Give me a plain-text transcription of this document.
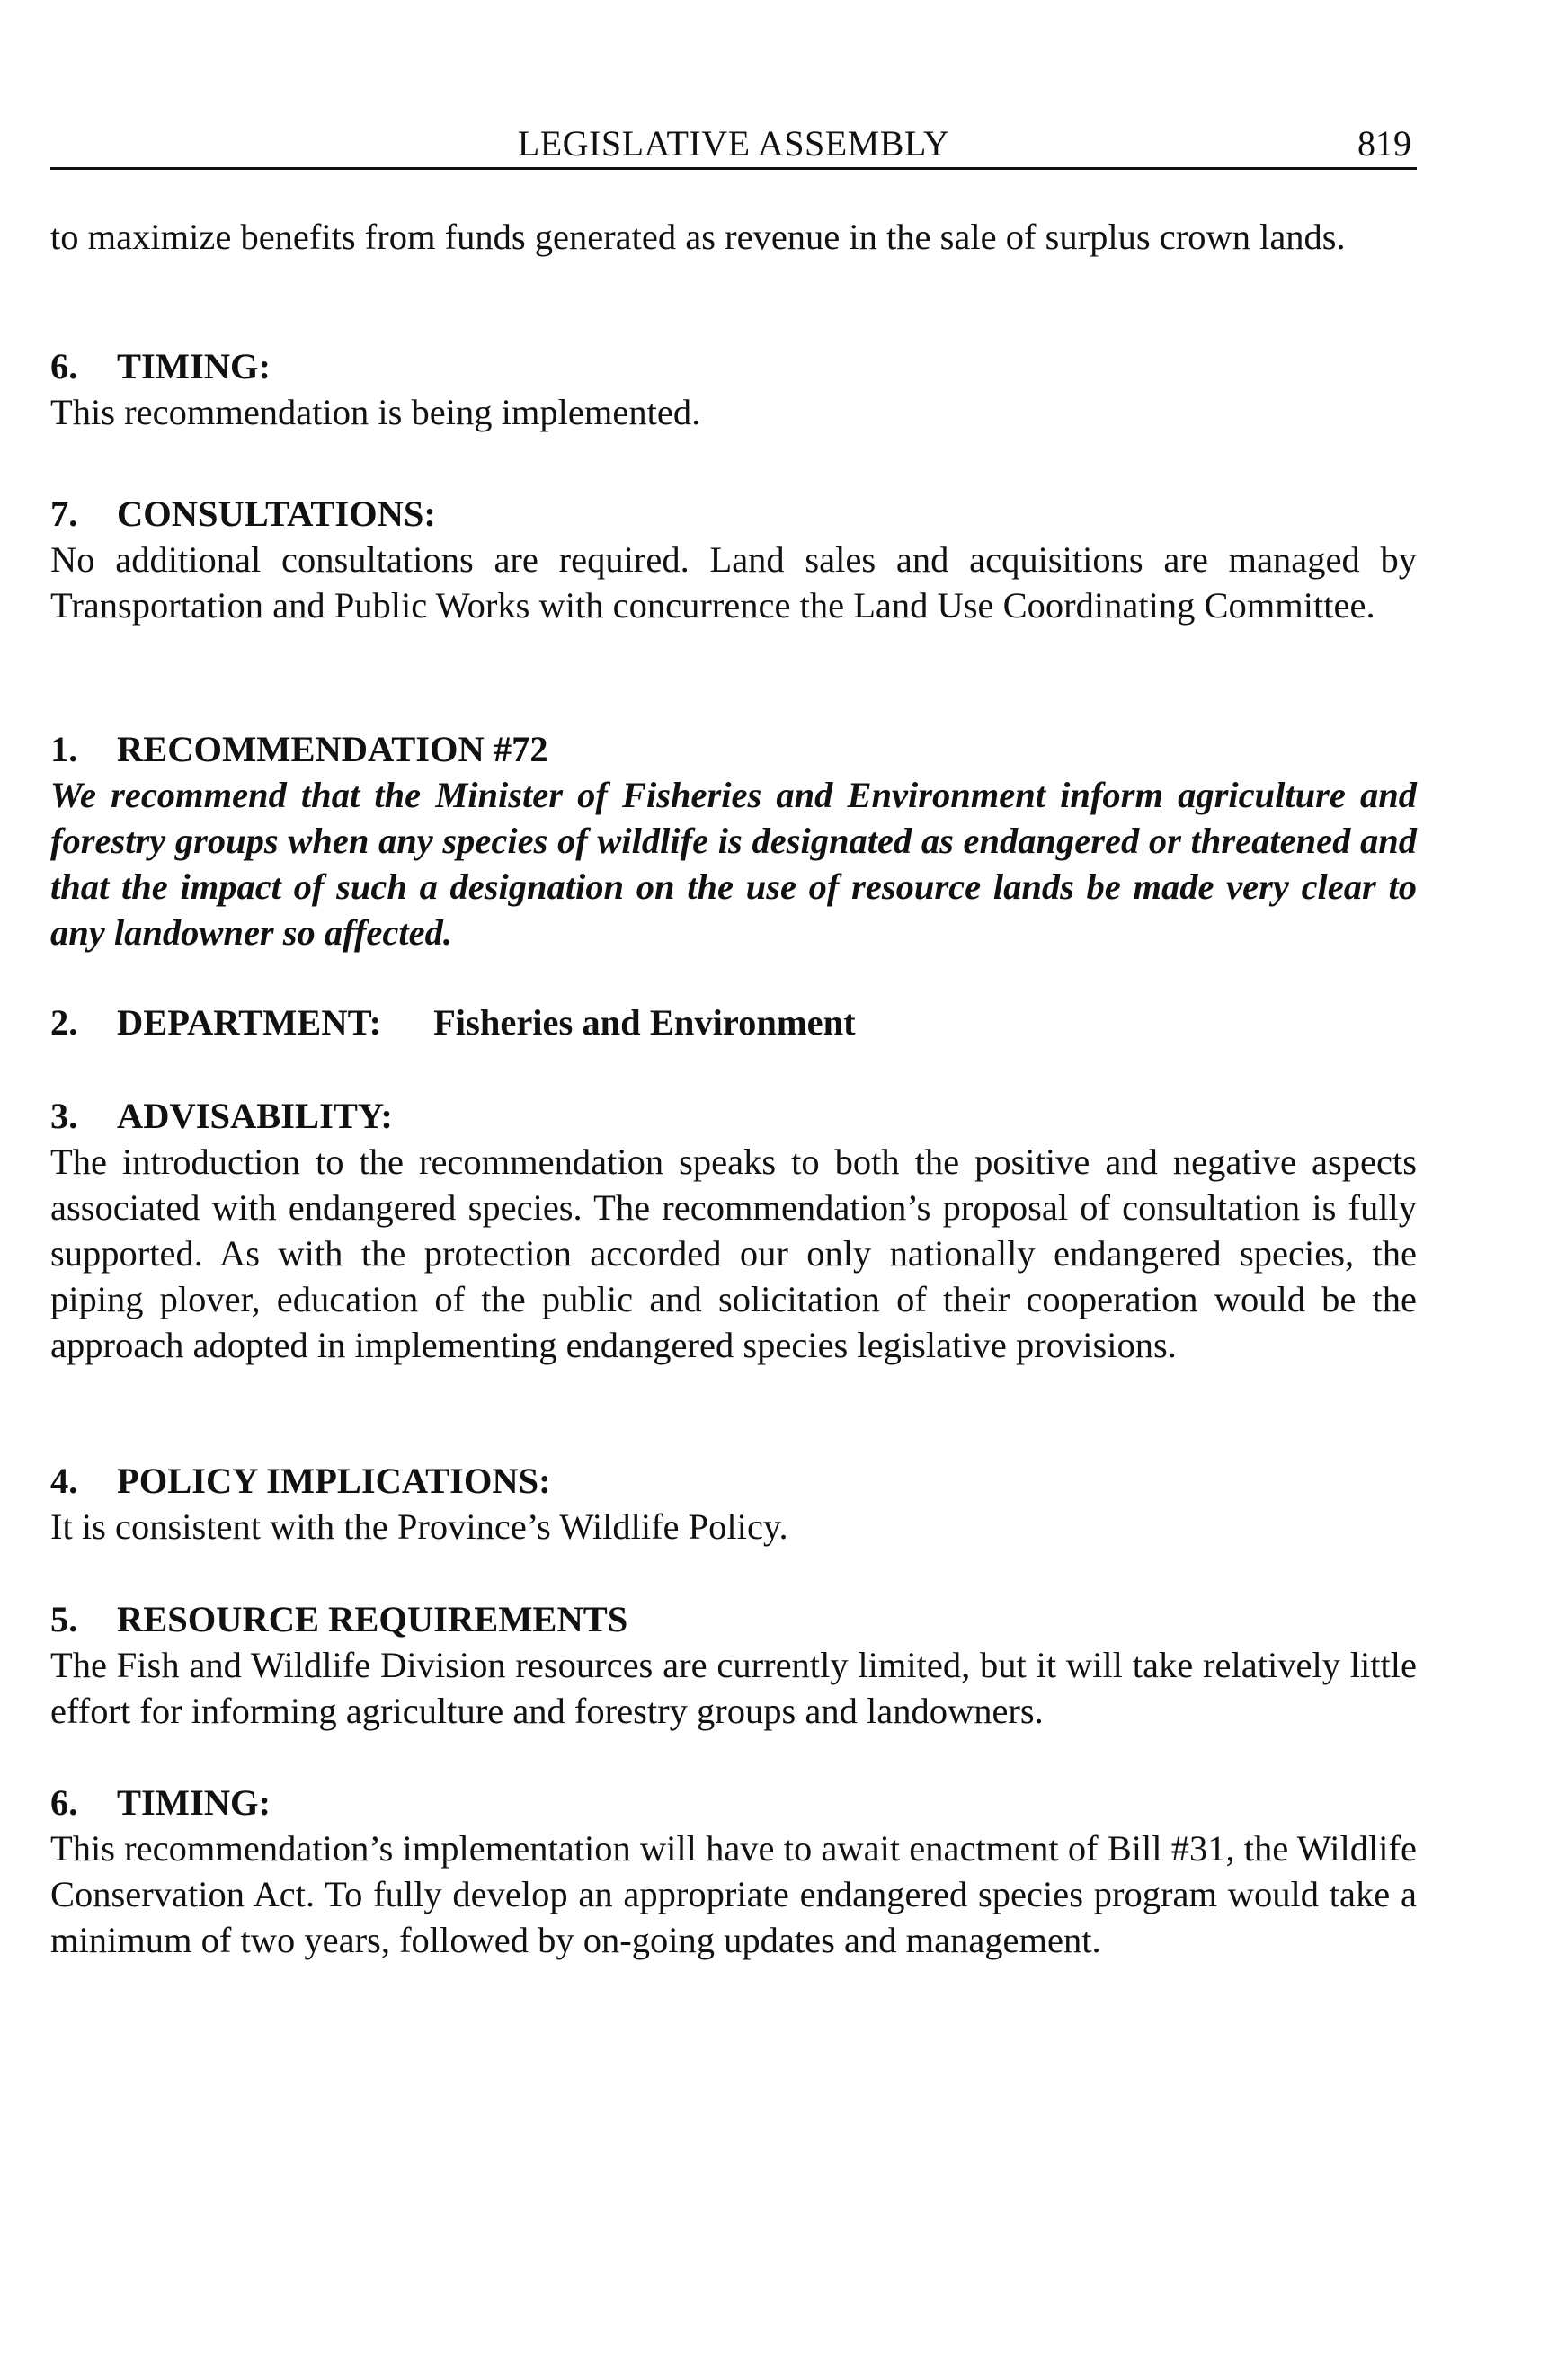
LEGISLATIVE ASSEMBLY	819
to maximize benefits from funds generated as revenue in the sale of surplus crown lands.
6. TIMING:
This recommendation is being implemented.
7. CONSULTATIONS:
No additional consultations are required. Land sales and acquisitions are managed by Transportation and Public Works with concurrence the Land Use Coordinating Committee.
1. RECOMMENDATION #72
We recommend that the Minister of Fisheries and Environment inform agriculture and forestry groups when any species of wildlife is designated as endangered or threatened and that the impact of such a designation on the use of resource lands be made very clear to any landowner so affected.
2. DEPARTMENT: Fisheries and Environment
3. ADVISABILITY:
The introduction to the recommendation speaks to both the positive and negative aspects associated with endangered species. The recommendation’s proposal of consultation is fully supported. As with the protection accorded our only nationally endangered species, the piping plover, education of the public and solicitation of their cooperation would be the approach adopted in implementing endangered species legislative provisions.
4. POLICY IMPLICATIONS:
It is consistent with the Province’s Wildlife Policy.
5. RESOURCE REQUIREMENTS
The Fish and Wildlife Division resources are currently limited, but it will take relatively little effort for informing agriculture and forestry groups and landowners.
6. TIMING:
This recommendation’s implementation will have to await enactment of Bill #31, the Wildlife Conservation Act. To fully develop an appropriate endangered species program would take a minimum of two years, followed by on-going updates and management.
